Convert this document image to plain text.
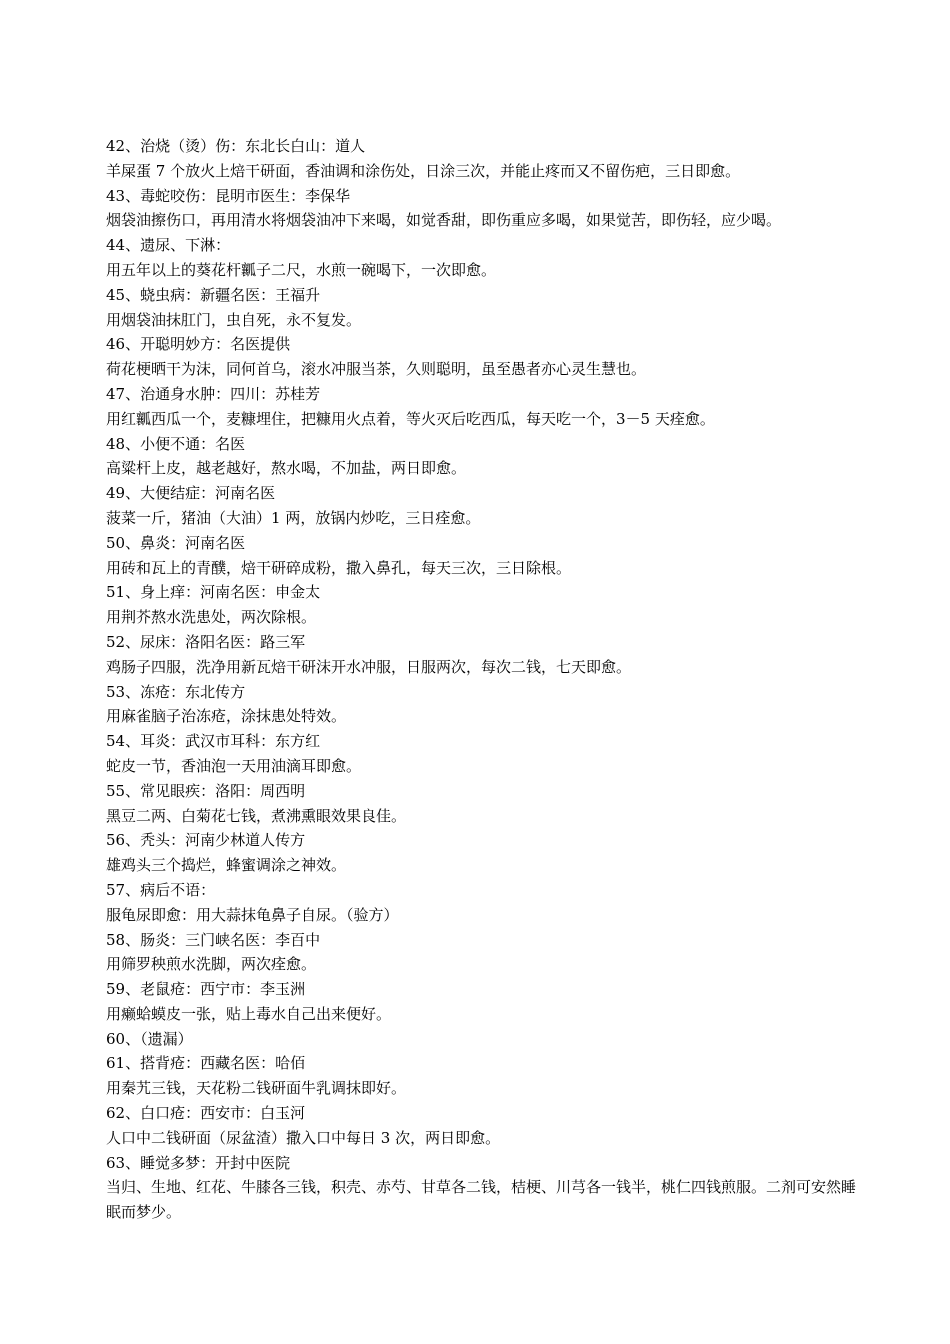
42、治烧（烫）伤：东北长白山：道人

羊屎蛋 7 个放火上焙干研面，香油调和涂伤处，日涂三次，并能止疼而又不留伤疤，三日即愈。

43、毒蛇咬伤：昆明市医生：李保华

烟袋油擦伤口，再用清水将烟袋油冲下来喝，如觉香甜，即伤重应多喝，如果觉苦，即伤轻，应少喝。

44、遗尿、下淋：

用五年以上的葵花杆瓤子二尺，水煎一碗喝下，一次即愈。

45、蛲虫病：新疆名医：王福升

用烟袋油抹肛门，虫自死，永不复发。

46、开聪明妙方：名医提供

荷花梗晒干为沫，同何首乌，滚水冲服当茶，久则聪明，虽至愚者亦心灵生慧也。

47、治通身水肿：四川：苏桂芳

用红瓤西瓜一个，麦糠埋住，把糠用火点着，等火灭后吃西瓜，每天吃一个，3－5 天痊愈。

48、小便不通：名医

高粱杆上皮，越老越好，熬水喝，不加盐，两日即愈。

49、大便结症：河南名医

菠菜一斤，猪油（大油）1 两，放锅内炒吃，三日痊愈。

50、鼻炎：河南名医

用砖和瓦上的青醭，焙干研碎成粉，撒入鼻孔，每天三次，三日除根。

51、身上痒：河南名医：申金太

用荆芥熬水洗患处，两次除根。

52、尿床：洛阳名医：路三军

鸡肠子四服，洗净用新瓦焙干研沫开水冲服，日服两次，每次二钱，七天即愈。

53、冻疮：东北传方

用麻雀脑子治冻疮，涂抹患处特效。

54、耳炎：武汉市耳科：东方红

蛇皮一节，香油泡一天用油滴耳即愈。

55、常见眼疾：洛阳：周西明

黑豆二两、白菊花七钱，煮沸熏眼效果良佳。

56、秃头：河南少林道人传方

雄鸡头三个捣烂，蜂蜜调涂之神效。

57、病后不语：

服龟尿即愈：用大蒜抹龟鼻子自尿。（验方）

58、肠炎：三门峡名医：李百中

用筛罗秧煎水洗脚，两次痊愈。

59、老鼠疮：西宁市：李玉洲

用癞蛤蟆皮一张，贴上毒水自己出来便好。

60、（遗漏）

61、搭背疮：西藏名医：哈佰

用秦艽三钱，天花粉二钱研面牛乳调抹即好。

62、白口疮：西安市：白玉河

人口中二钱研面（尿盆渣）撒入口中每日 3 次，两日即愈。

63、睡觉多梦：开封中医院

当归、生地、红花、牛膝各三钱，积壳、赤芍、甘草各二钱，桔梗、川芎各一钱半，桃仁四钱煎服。二剂可安然睡眠而梦少。
